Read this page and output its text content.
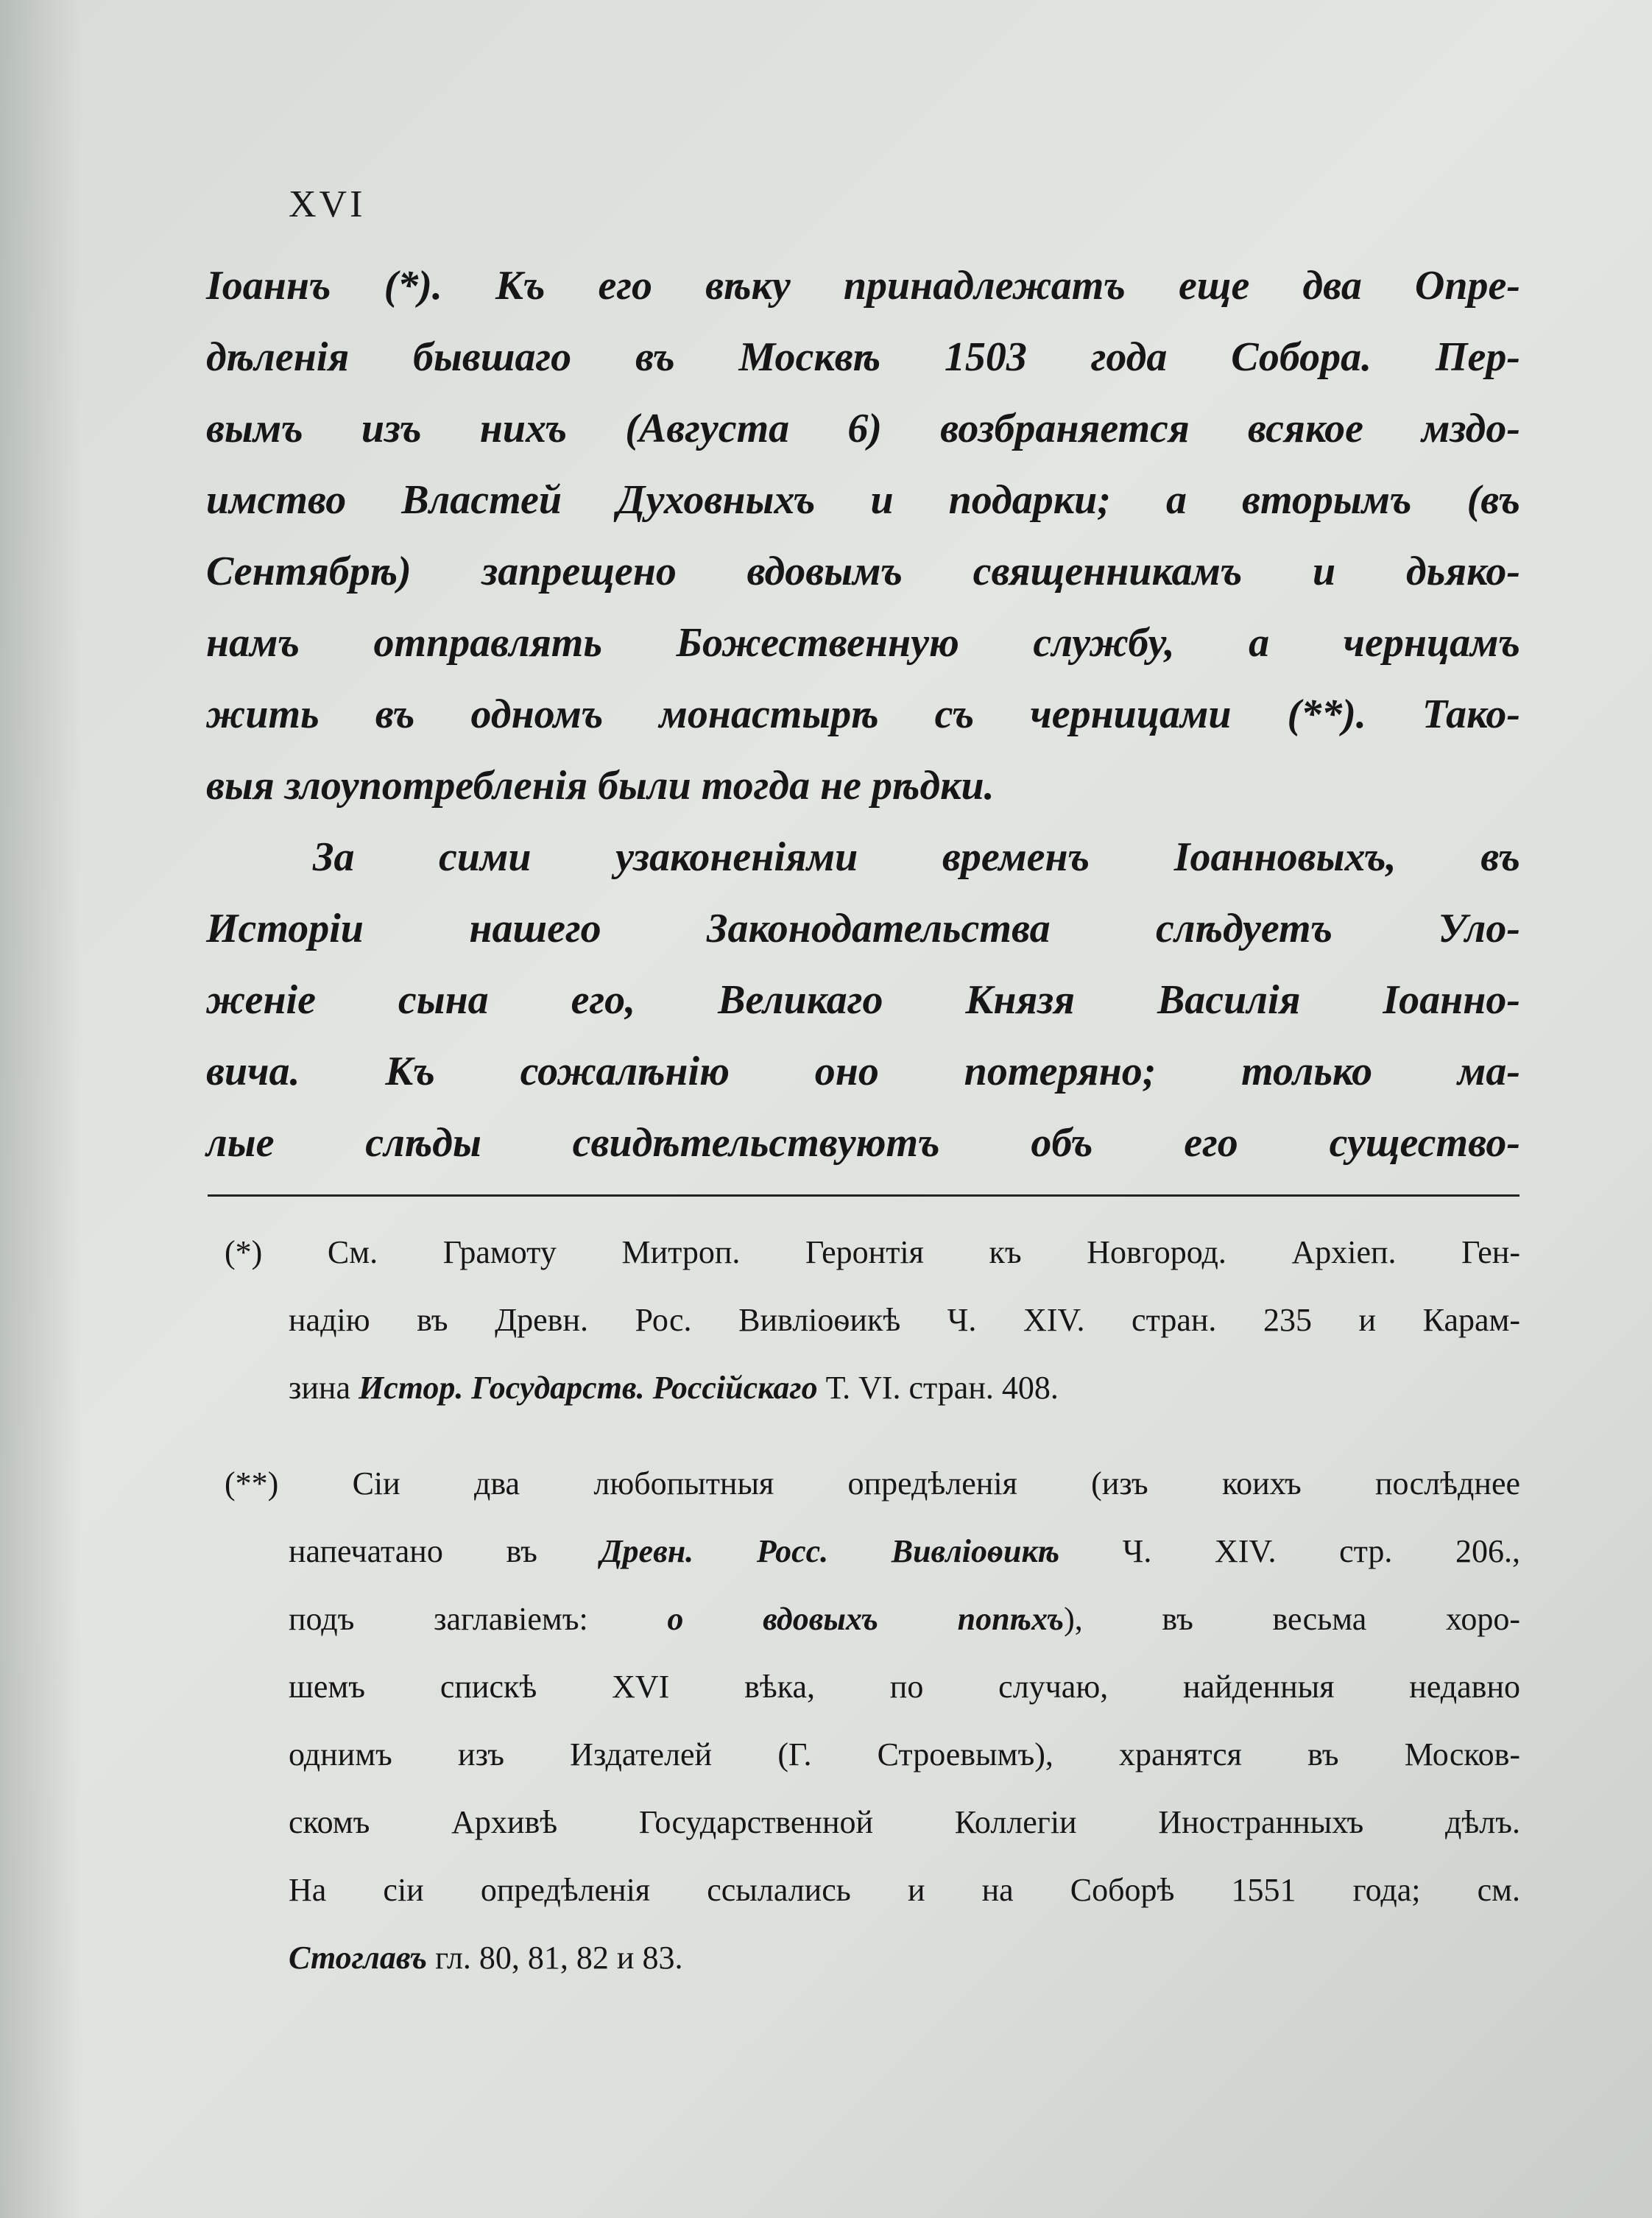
XVI
Іоаннъ (*). Къ его вѣку принадлежатъ еще два Опре-
дѣленія бывшаго въ Москвѣ 1503 года Собора. Пер-
вымъ изъ нихъ (Августа 6) возбраняется всякое мздо-
имство Властей Духовныхъ и подарки; а вторымъ (въ
Сентябрѣ) запрещено вдовымъ священникамъ и дьяко-
намъ отправлять Божественную службу, а чернцамъ
жить въ одномъ монастырѣ съ черницами (**). Тако-
выя злоупотребленія были тогда не рѣдки.
За сими узаконеніями временъ Іоанновыхъ, въ
Исторіи нашего Законодательства слѣдуетъ Уло-
женіе сына его, Великаго Князя Василія Іоанно-
вича. Къ сожалѣнію оно потеряно; только ма-
лые слѣды свидѣтельствуютъ объ его существо-
(*) См. Грамоту Митроп. Геронтія къ Новгород. Архіеп. Ген-
надію въ Древн. Рос. Вивліоѳикѣ Ч. XIV. стран. 235 и Карам-
зина Истор. Государств. Россійскаго Т. VI. стран. 408.
(**) Сіи два любопытныя опредѣленія (изъ коихъ послѣднее
напечатано въ Древн. Росс. Вивліоѳикѣ Ч. XIV. стр. 206.,
подъ заглавіемъ: о вдовыхъ попѣхъ), въ весьма хоро-
шемъ спискѣ XVI вѣка, по случаю, найденныя недавно
однимъ изъ Издателей (Г. Строевымъ), хранятся въ Москов-
скомъ Архивѣ Государственной Коллегіи Иностранныхъ дѣлъ.
На сіи опредѣленія ссылались и на Соборѣ 1551 года; см.
Стоглавъ гл. 80, 81, 82 и 83.
